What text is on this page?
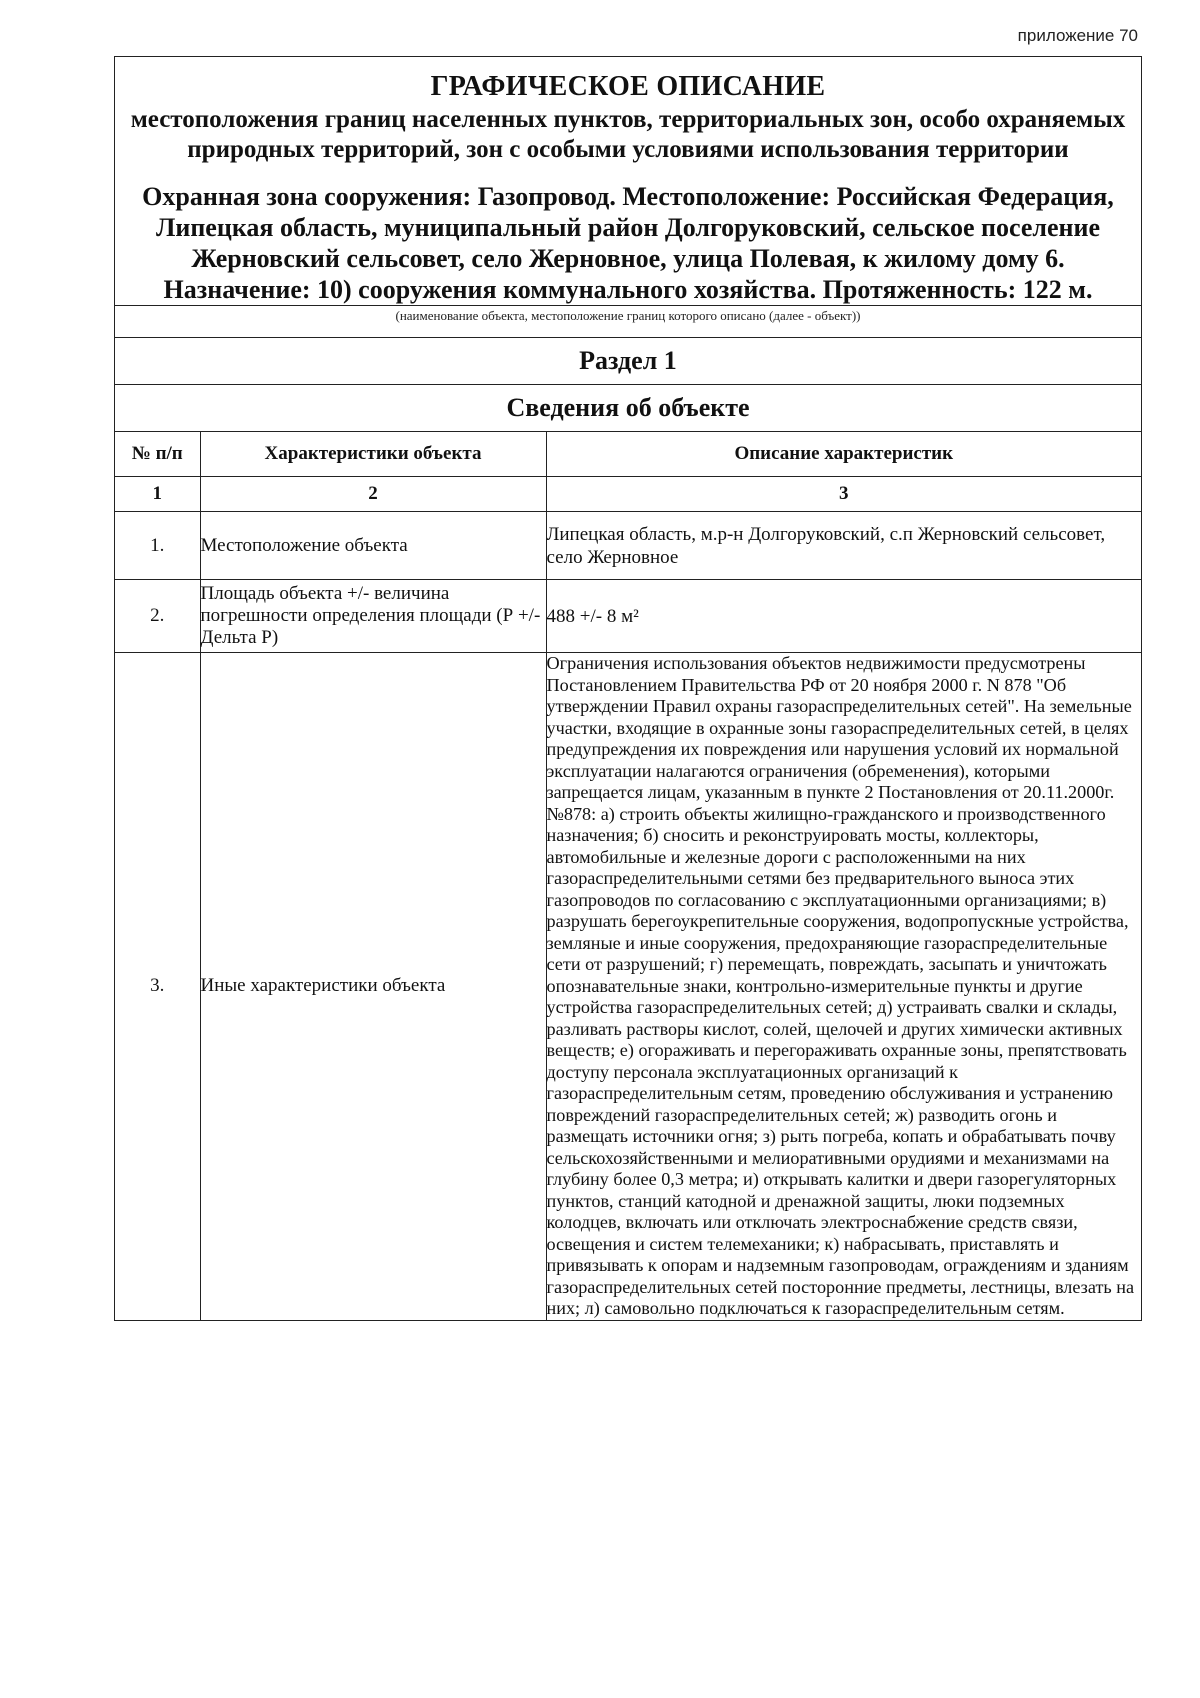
приложение 70
ГРАФИЧЕСКОЕ ОПИСАНИЕ
местоположения границ населенных пунктов, территориальных зон, особо охраняемых природных территорий, зон с особыми условиями использования территории
Охранная зона сооружения: Газопровод. Местоположение: Российская Федерация, Липецкая область, муниципальный район Долгоруковский, сельское поселение Жерновский сельсовет, село Жерновное, улица Полевая, к жилому дому 6. Назначение: 10) сооружения коммунального хозяйства. Протяженность: 122 м.
(наименование объекта, местоположение границ которого описано (далее - объект))
Раздел 1
Сведения об объекте
№ п/п	Характеристики объекта	Описание характеристик
1	2	3
1.	Местоположение объекта	Липецкая область, м.р-н Долгоруковский, с.п Жерновский сельсовет, село Жерновное
2.	Площадь объекта +/- величина погрешности определения площади (Р +/- Дельта Р)	488 +/- 8 м²
3.	Иные характеристики объекта	Ограничения использования объектов недвижимости предусмотрены Постановлением Правительства РФ от 20 ноября 2000 г. N 878 "Об утверждении Правил охраны газораспределительных сетей". На земельные участки, входящие в охранные зоны газораспределительных сетей, в целях предупреждения их повреждения или нарушения условий их нормальной эксплуатации налагаются ограничения (обременения), которыми запрещается лицам, указанным в пункте 2 Постановления от 20.11.2000г. №878: а) строить объекты жилищно-гражданского и производственного назначения; б) сносить и реконструировать мосты, коллекторы, автомобильные и железные дороги с расположенными на них газораспределительными сетями без предварительного выноса этих газопроводов по согласованию с эксплуатационными организациями; в) разрушать берегоукрепительные сооружения, водопропускные устройства, земляные и иные сооружения, предохраняющие газораспределительные сети от разрушений; г) перемещать, повреждать, засыпать и уничтожать опознавательные знаки, контрольно-измерительные пункты и другие устройства газораспределительных сетей; д) устраивать свалки и склады, разливать растворы кислот, солей, щелочей и других химически активных веществ; е) огораживать и перегораживать охранные зоны, препятствовать доступу персонала эксплуатационных организаций к газораспределительным сетям, проведению обслуживания и устранению повреждений газораспределительных сетей; ж) разводить огонь и размещать источники огня; з) рыть погреба, копать и обрабатывать почву сельскохозяйственными и мелиоративными орудиями и механизмами на глубину более 0,3 метра; и) открывать калитки и двери газорегуляторных пунктов, станций катодной и дренажной защиты, люки подземных колодцев, включать или отключать электроснабжение средств связи, освещения и систем телемеханики; к) набрасывать, приставлять и привязывать к опорам и надземным газопроводам, ограждениям и зданиям газораспределительных сетей посторонние предметы, лестницы, влезать на них; л) самовольно подключаться к газораспределительным сетям.
